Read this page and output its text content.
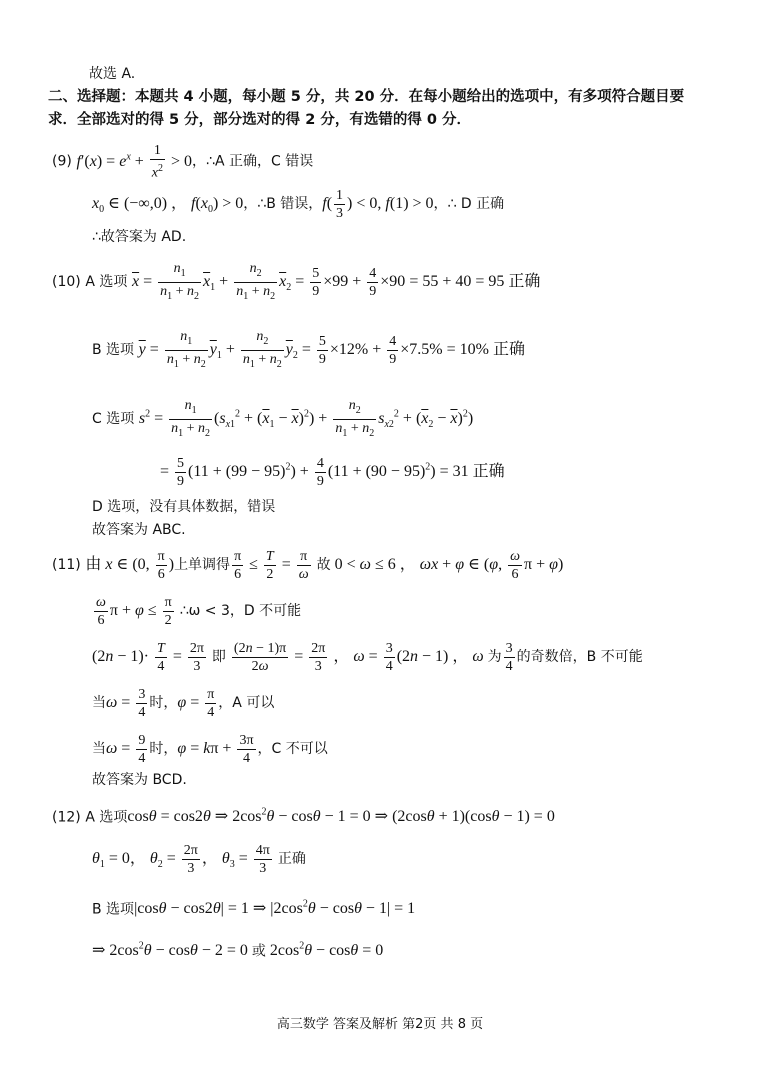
故选 A.
二、选择题：本题共 4 小题，每小题 5 分，共 20 分．在每小题给出的选项中，有多项符合题目要
求．全部选对的得 5 分，部分选对的得 2 分，有选错的得 0 分．
(9) $f'(x) = e^x + \frac{1}{x^2} > 0$，∴A 正确，C 错误
$x_0$ ∈ (−∞,0) ， $f(x_0) > 0$，∴B 错误，$f( \frac{1}{3}$ ) < 0, f(1) > 0，∴ D 正确
∴故答案为 AD.
(10) A 选项 $\overline{x} = \frac{n_1}{n_1 + n_2} \overline{x}_1 + \frac{n_2}{n_1 + n_2} \overline{x}_2 = \frac{5}{9} \times 99 + \frac{4}{9} \times 90 = 55 + 40 = 95$ 正确
B 选项 $\overline{y} = \frac{n_1}{n_1 + n_2} \overline{y}_1 + \frac{n_2}{n_1 + n_2} \overline{y}_2 = \frac{5}{9} \times 12\% + \frac{4}{9} \times 7.5\% = 10\%$ 正确
C 选项 $s^2 = \frac{n_1}{n_1 + n_2} (s_{x1}^2 + (\overline{x}_1 - \overline{x})^2) + \frac{n_2}{n_1 + n_2} s_{x2}^2 + (\overline{x}_2 - \overline{x})^2$)
= $\frac{5}{9} (11 + (99 - 95)^2) + \frac{4}{9} (11 + (90 - 95)^2) = 31$ 正确
D 选项，没有具体数据，错误
故答案为 ABC.
(11) 由 x ∈ (0, $\frac{\pi}{6}$ )上单调得 $\frac{\pi}{6} \le \frac{T}{2} = \frac{\pi}{\omega}$ 故 0 < ω ≤ 6 ， ωx + φ ∈ (φ, $\frac{\omega}{6}$ π + φ)
$\frac{\omega}{6}$ $\pi + \varphi \le \frac{\pi}{2}$ ∴ω < 3，D 不可能
$(2n - 1)\cdot \frac{T}{4} = \frac{2\pi}{3}$ 即 $\frac{(2n - 1)\pi}{2\omega} = \frac{2\pi}{3}$ ， $\omega = \frac{3}{4} (2n - 1)$ ， ω 为 $\frac{3}{4}$ 的奇数倍，B 不可能
当$\omega = \frac{3}{4}$ 时，$\varphi = \frac{\pi}{4}$ ，A 可以
当$\omega = \frac{9}{4}$ 时，$\varphi = k\pi + \frac{3\pi}{4}$ ，C 不可以
故答案为 BCD.
(12) A 选项cosθ = cos2θ ⇒ $2\cos^2\theta - \cos\theta - 1 = 0$ ⇒ (2cosθ + 1)(cosθ − 1) = 0
$\theta_1 = 0$， $\theta_2 = \frac{2\pi}{3}$ ， $\theta_3 = \frac{4\pi}{3}$ 正确
B 选项|cosθ − cos2θ| = 1 ⇒ $|2\cos^2\theta - \cos\theta - 1| = 1$
⇒ $2\cos^2\theta - \cos\theta - 2 = 0$ 或 $2\cos^2\theta - \cos\theta = 0$
高三数学 答案及解析 第2页 共 8 页
